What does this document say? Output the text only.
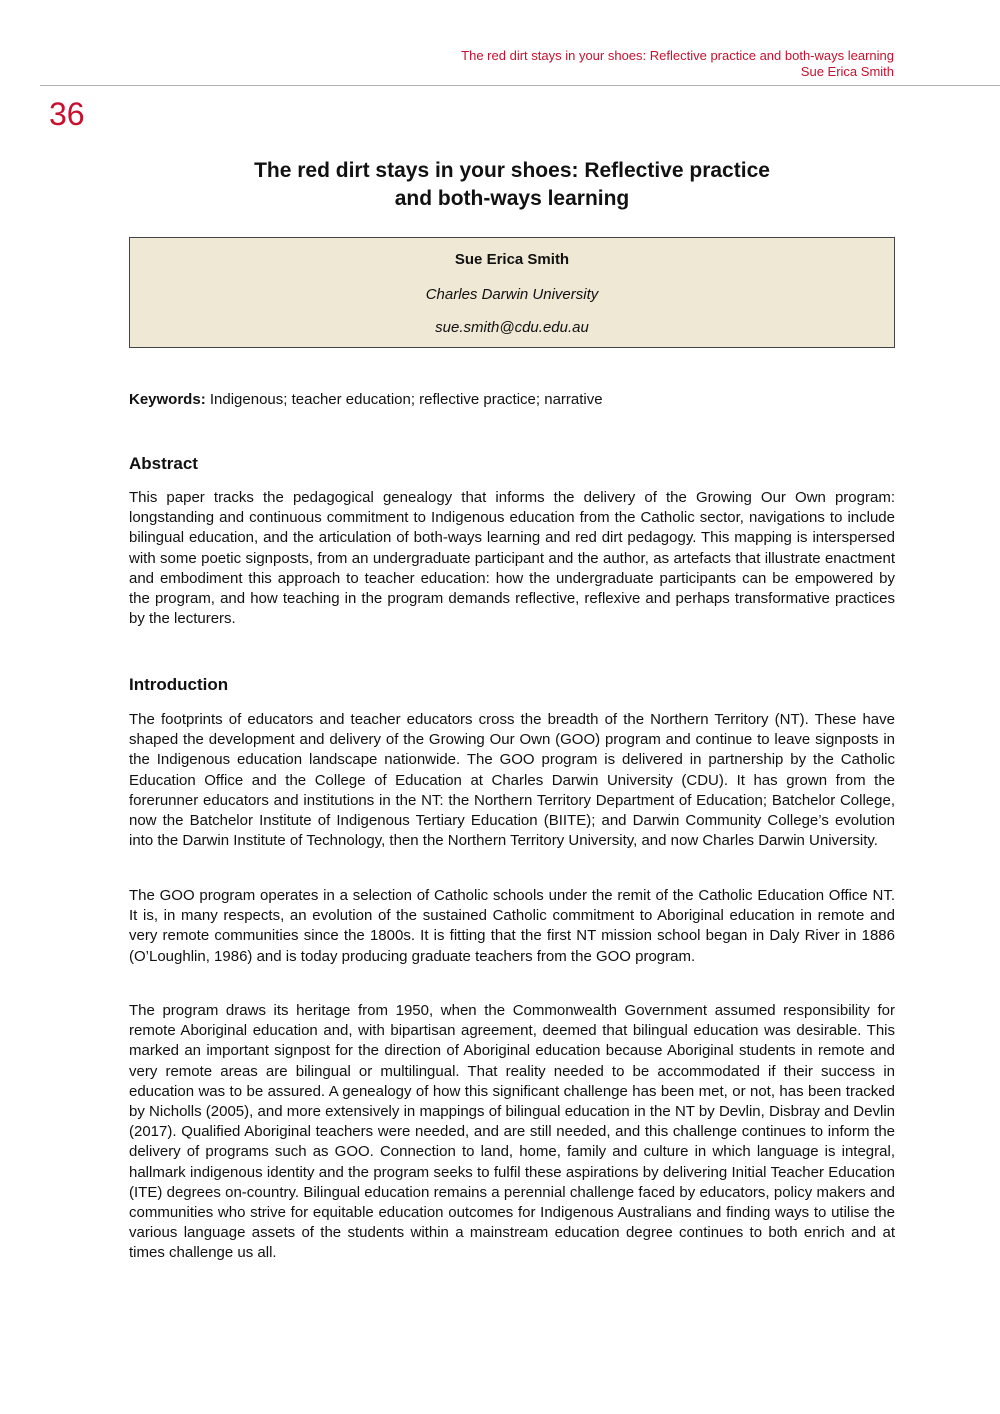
The red dirt stays in your shoes: Reflective practice and both-ways learning
Sue Erica Smith
36
The red dirt stays in your shoes: Reflective practice
and both-ways learning
Sue Erica Smith
Charles Darwin University
sue.smith@cdu.edu.au
Keywords: Indigenous; teacher education; reflective practice; narrative
Abstract

This paper tracks the pedagogical genealogy that informs the delivery of the Growing Our Own program: longstanding and continuous commitment to Indigenous education from the Catholic sector, navigations to include bilingual education, and the articulation of both-ways learning and red dirt pedagogy. This mapping is interspersed with some poetic signposts, from an undergraduate participant and the author, as artefacts that illustrate enactment and embodiment this approach to teacher education: how the undergraduate participants can be empowered by the program, and how teaching in the program demands reflective, reflexive and perhaps transformative practices by the lecturers.

Introduction

The footprints of educators and teacher educators cross the breadth of the Northern Territory (NT). These have shaped the development and delivery of the Growing Our Own (GOO) program and continue to leave signposts in the Indigenous education landscape nationwide. The GOO program is delivered in partnership by the Catholic Education Office and the College of Education at Charles Darwin University (CDU). It has grown from the forerunner educators and institutions in the NT: the Northern Territory Department of Education; Batchelor College, now the Batchelor Institute of Indigenous Tertiary Education (BIITE); and Darwin Community College’s evolution into the Darwin Institute of Technology, then the Northern Territory University, and now Charles Darwin University.

The GOO program operates in a selection of Catholic schools under the remit of the Catholic Education Office NT. It is, in many respects, an evolution of the sustained Catholic commitment to Aboriginal education in remote and very remote communities since the 1800s. It is fitting that the first NT mission school began in Daly River in 1886 (O’Loughlin, 1986) and is today producing graduate teachers from the GOO program.

The program draws its heritage from 1950, when the Commonwealth Government assumed responsibility for remote Aboriginal education and, with bipartisan agreement, deemed that bilingual education was desirable. This marked an important signpost for the direction of Aboriginal education because Aboriginal students in remote and very remote areas are bilingual or multilingual. That reality needed to be accommodated if their success in education was to be assured. A genealogy of how this significant challenge has been met, or not, has been tracked by Nicholls (2005), and more extensively in mappings of bilingual education in the NT by Devlin, Disbray and Devlin (2017). Qualified Aboriginal teachers were needed, and are still needed, and this challenge continues to inform the delivery of programs such as GOO. Connection to land, home, family and culture in which language is integral, hallmark indigenous identity and the program seeks to fulfil these aspirations by delivering Initial Teacher Education (ITE) degrees on-country. Bilingual education remains a perennial challenge faced by educators, policy makers and communities who strive for equitable education outcomes for Indigenous Australians and finding ways to utilise the various language assets of the students within a mainstream education degree continues to both enrich and at times challenge us all.
